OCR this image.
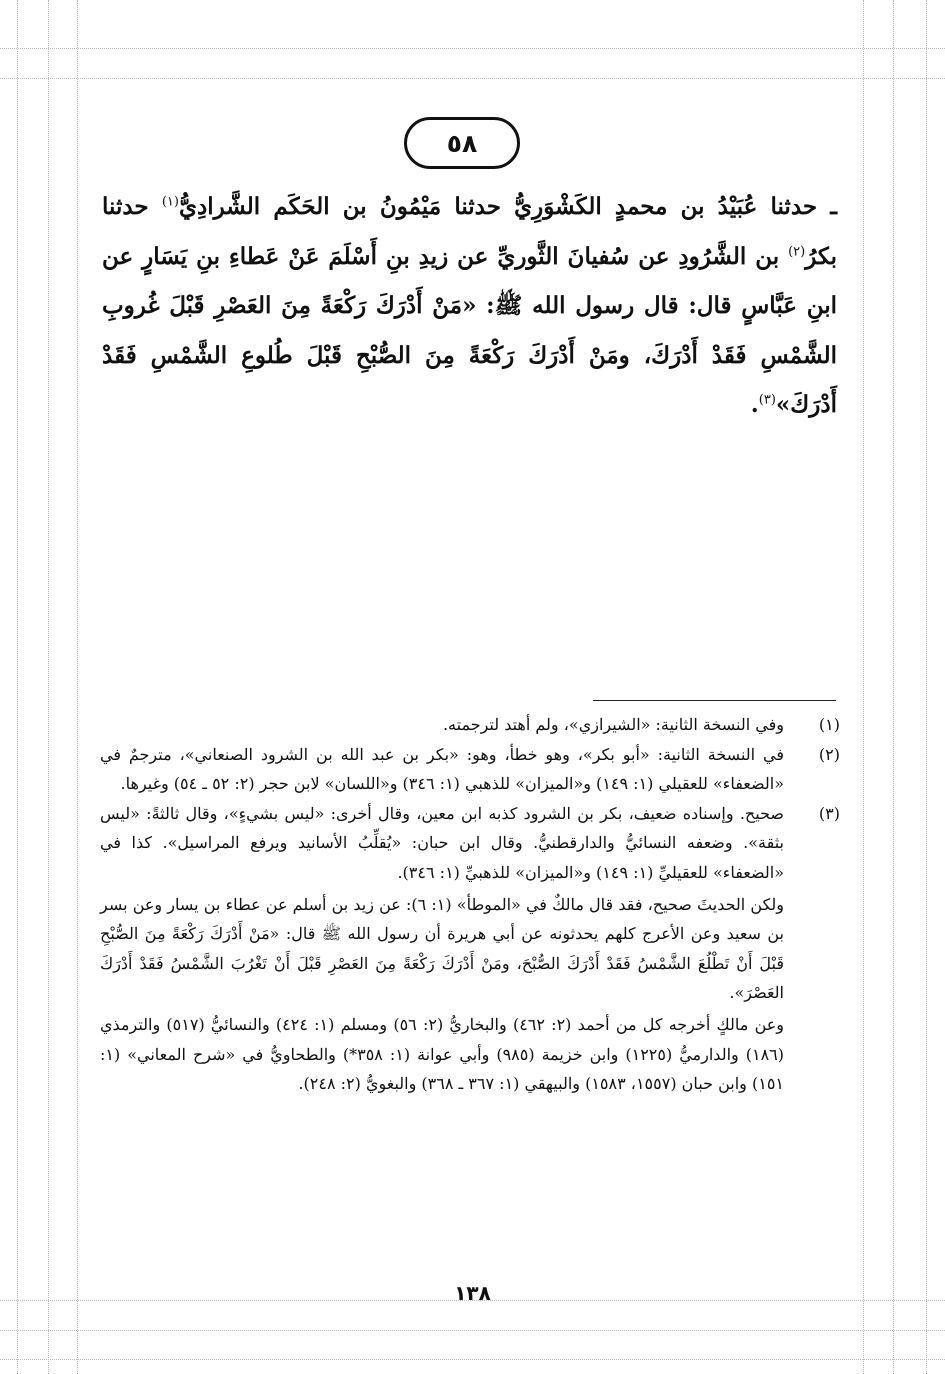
٥٨

ـ حدثنا عُبَيْدُ بن محمدٍ الكَشْوَرِيُّ حدثنا مَيْمُونُ بن الحَكَم الشَّرادِيُّ$^{(١)}$ حدثنا بكرُ$^{(٢)}$ بن الشَّرُودِ عن سُفيانَ الثَّوريِّ عن زيدِ بنِ أَسْلَمَ عَنْ عَطاءِ بنِ يَسَارٍ عن ابنِ عَبَّاسٍ قال: قال رسول الله ﷺ: «مَنْ أَدْرَكَ رَكْعَةً مِنَ العَصْرِ قَبْلَ غُروبِ الشَّمْسِ فَقَدْ أَدْرَكَ، ومَنْ أَدْرَكَ رَكْعَةً مِنَ الصُّبْحِ قَبْلَ طُلوعِ الشَّمْسِ فَقَدْ أَدْرَكَ»$^{(٣)}$.

(١)

وفي النسخة الثانية: «الشيرازي»، ولم أهتد لترجمته.

(٢)

في النسخة الثانية: «أبو بكر»، وهو خطأ، وهو: «بكر بن عبد الله بن الشرود الصنعاني»، مترجمٌ في «الضعفاء» للعقيلي (١: ١٤٩) و«الميزان» للذهبي (١: ٣٤٦) و«اللسان» لابن حجر (٢: ٥٢ ـ ٥٤) وغيرها.

(٣)

صحيح. وإسناده ضعيف، بكر بن الشرود كذبه ابن معين، وقال أخرى: «ليس بشيءٍ»، وقال ثالثةً: «ليس بثقة». وضعفه النسائيُّ والدارقطنيُّ. وقال ابن حبان: «يُقلِّبُ الأسانيد ويرفع المراسيل». كذا في «الضعفاء» للعقيليِّ (١: ١٤٩) و«الميزان» للذهبيِّ (١: ٣٤٦).

ولكن الحديثَ صحيح، فقد قال مالكٌ في «الموطأ» (١: ٦): عن زيد بن أسلم عن عطاء بن يسار وعن بسر بن سعيد وعن الأعرج كلهم يحدثونه عن أبي هريرة أن رسول الله ﷺ قال: «مَنْ أَدْرَكَ رَكْعَةً مِنَ الصُّبْحِ قَبْلَ أَنْ تَطْلُعَ الشَّمْسُ فَقَدْ أَدْرَكَ الصُّبْحَ، ومَنْ أَدْرَكَ رَكْعَةً مِنَ العَصْرِ قَبْلَ أَنْ تَغْرُبَ الشَّمْسُ فَقَدْ أَدْرَكَ العَصْرَ».

وعن مالكٍ أخرجه كل من أحمد (٢: ٤٦٢) والبخاريُّ (٢: ٥٦) ومسلم (١: ٤٢٤) والنسائيُّ (٥١٧) والترمذي (١٨٦) والدارميُّ (١٢٢٥) وابن خزيمة (٩٨٥) وأبي عوانة (١: ٣٥٨*) والطحاويُّ في «شرح المعاني» (١: ١٥١) وابن حبان (١٥٥٧، ١٥٨٣) والبيهقي (١: ٣٦٧ ـ ٣٦٨) والبغويُّ (٢: ٢٤٨).

١٣٨
